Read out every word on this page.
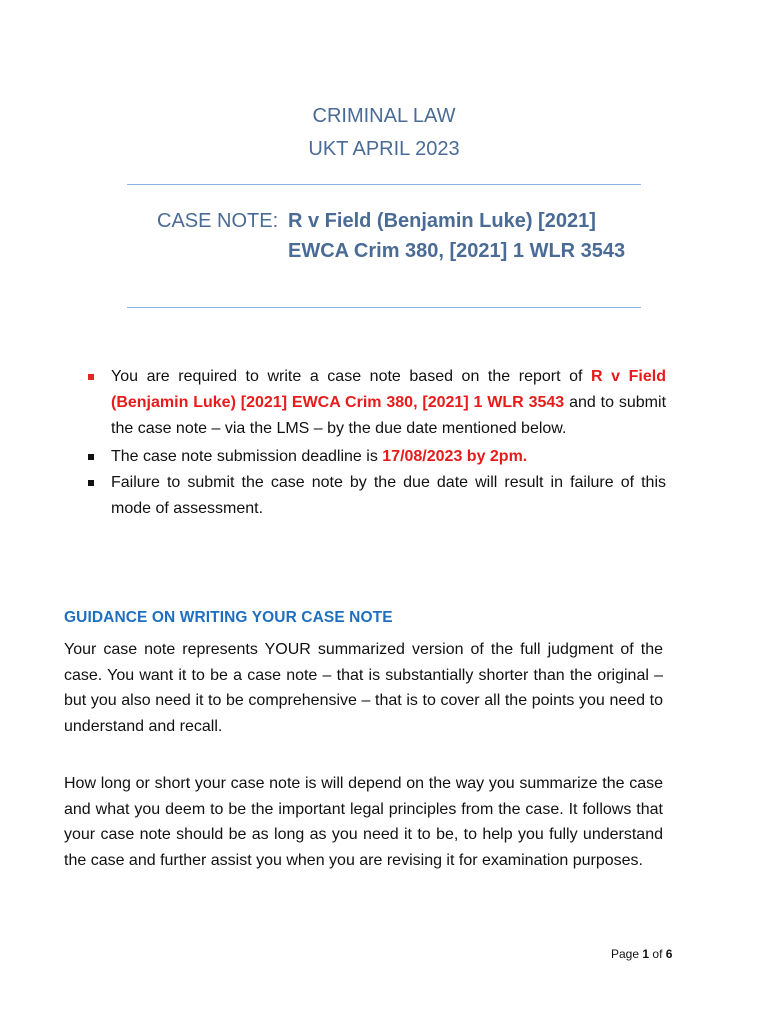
CRIMINAL LAW
UKT APRIL 2023
CASE NOTE: R v Field (Benjamin Luke) [2021] EWCA Crim 380, [2021] 1 WLR 3543
You are required to write a case note based on the report of R v Field (Benjamin Luke) [2021] EWCA Crim 380, [2021] 1 WLR 3543 and to submit the case note – via the LMS – by the due date mentioned below.
The case note submission deadline is 17/08/2023 by 2pm.
Failure to submit the case note by the due date will result in failure of this mode of assessment.
GUIDANCE ON WRITING YOUR CASE NOTE

Your case note represents YOUR summarized version of the full judgment of the case. You want it to be a case note – that is substantially shorter than the original – but you also need it to be comprehensive – that is to cover all the points you need to understand and recall.

How long or short your case note is will depend on the way you summarize the case and what you deem to be the important legal principles from the case. It follows that your case note should be as long as you need it to be, to help you fully understand the case and further assist you when you are revising it for examination purposes.

Page 1 of 6
